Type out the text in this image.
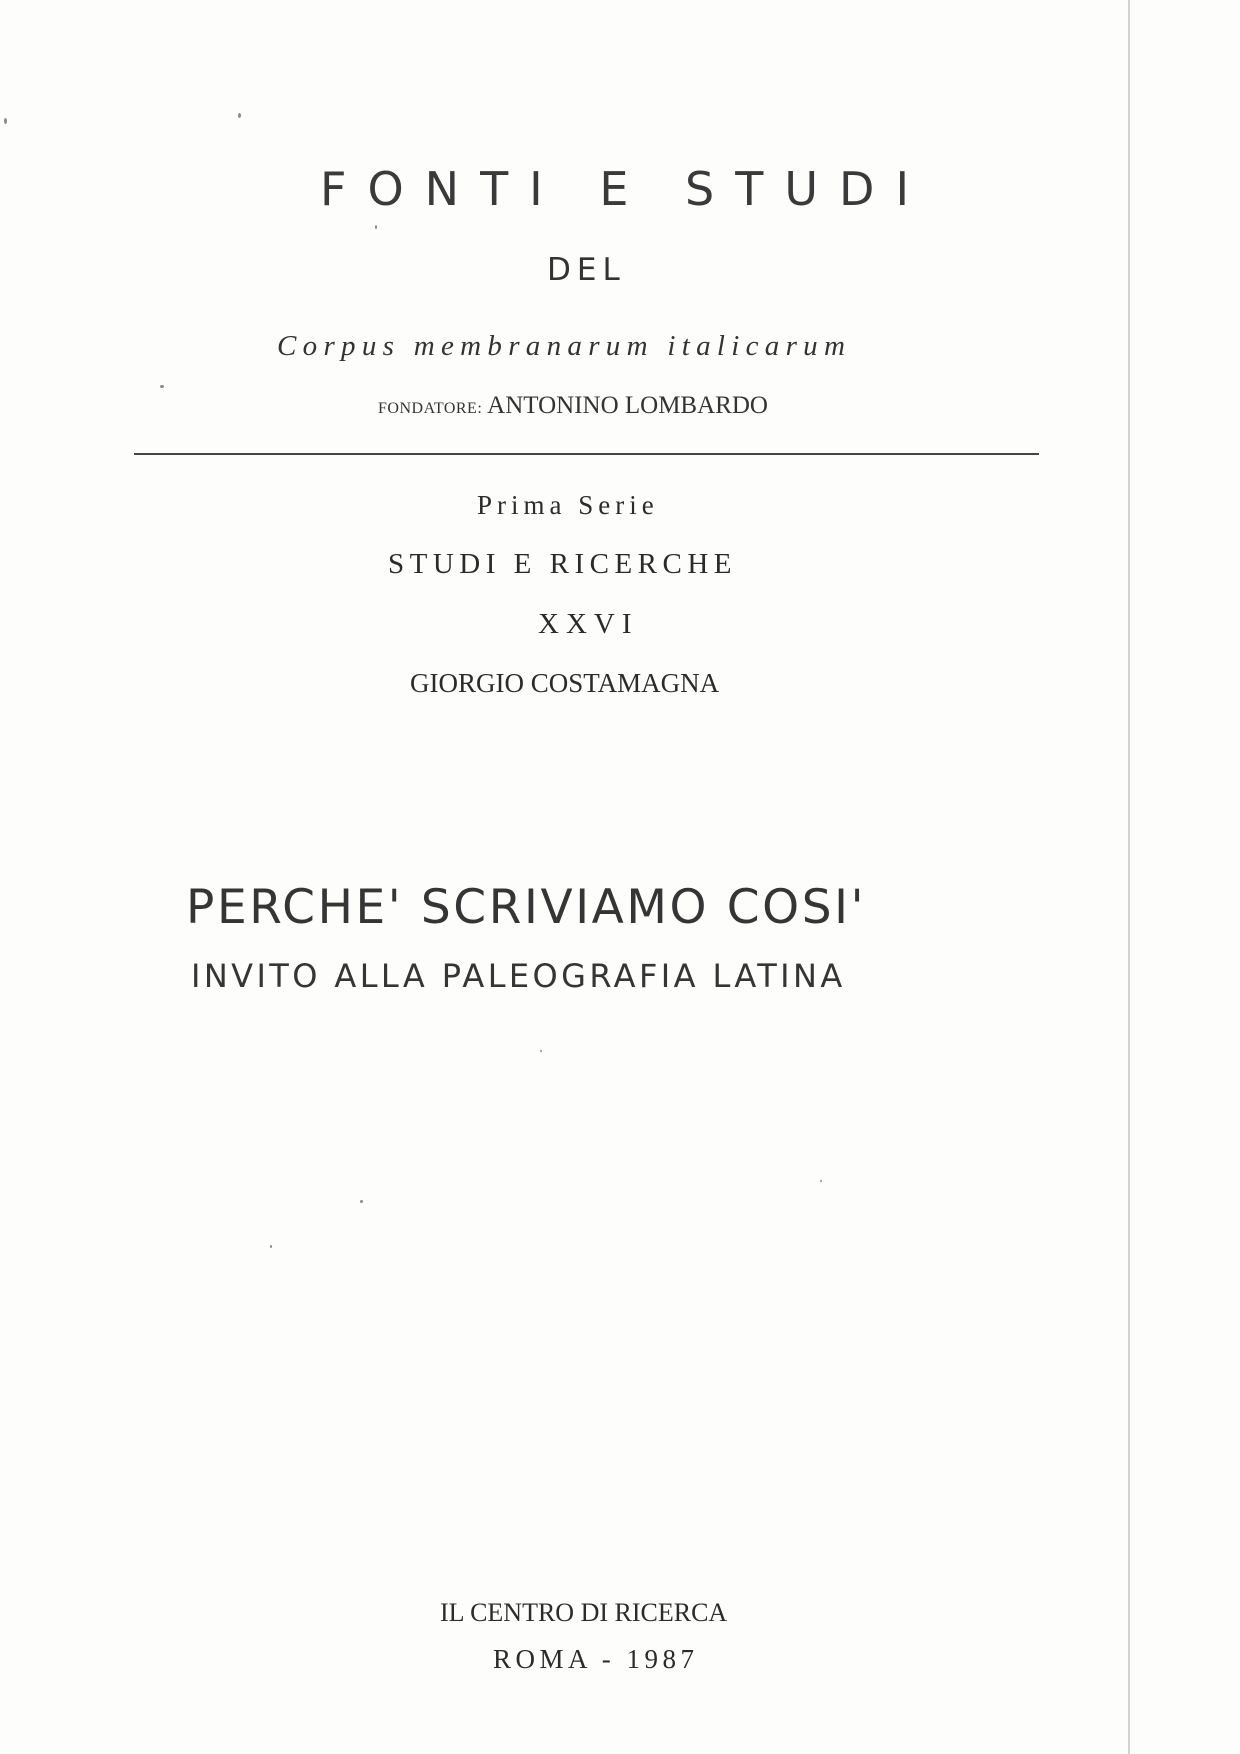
FONTI E STUDI
DEL
Corpus membranarum italicarum
FONDATORE: ANTONINO LOMBARDO
Prima Serie
STUDI E RICERCHE
XXVI
GIORGIO COSTAMAGNA
PERCHE' SCRIVIAMO COSI'
INVITO ALLA PALEOGRAFIA LATINA
IL CENTRO DI RICERCA
ROMA - 1987
